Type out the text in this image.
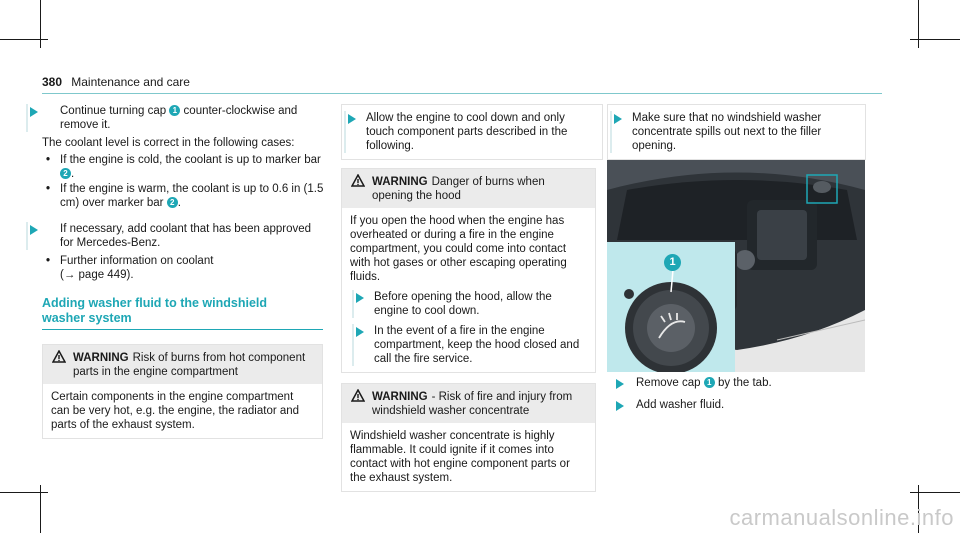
380 Maintenance and care
Continue turning cap 1 counter-clockwise and remove it.
The coolant level is correct in the following cases:
• If the engine is cold, the coolant is up to marker bar 2 .
• If the engine is warm, the coolant is up to 0.6 in (1.5 cm) over marker bar 2 .
If necessary, add coolant that has been approved for Mercedes-Benz.
• Further information on coolant
(→ page 449).
Adding washer fluid to the windshield washer system
WARNING Risk of burns from hot component parts in the engine compartment
Certain components in the engine compartment can be very hot, e.g. the engine, the radiator and parts of the exhaust system.
Allow the engine to cool down and only touch component parts described in the following.
WARNING Danger of burns when opening the hood
If you open the hood when the engine has overheated or during a fire in the engine compartment, you could come into contact with hot gases or other escaping operating fluids.
Before opening the hood, allow the engine to cool down.
In the event of a fire in the engine compartment, keep the hood closed and call the fire service.
WARNING - Risk of fire and injury from windshield washer concentrate
Windshield washer concentrate is highly flammable. It could ignite if it comes into contact with hot engine component parts or the exhaust system.
Make sure that no windshield washer concentrate spills out next to the filler opening.
1
Remove cap 1 by the tab.
Add washer fluid.
carmanualsonline.info
